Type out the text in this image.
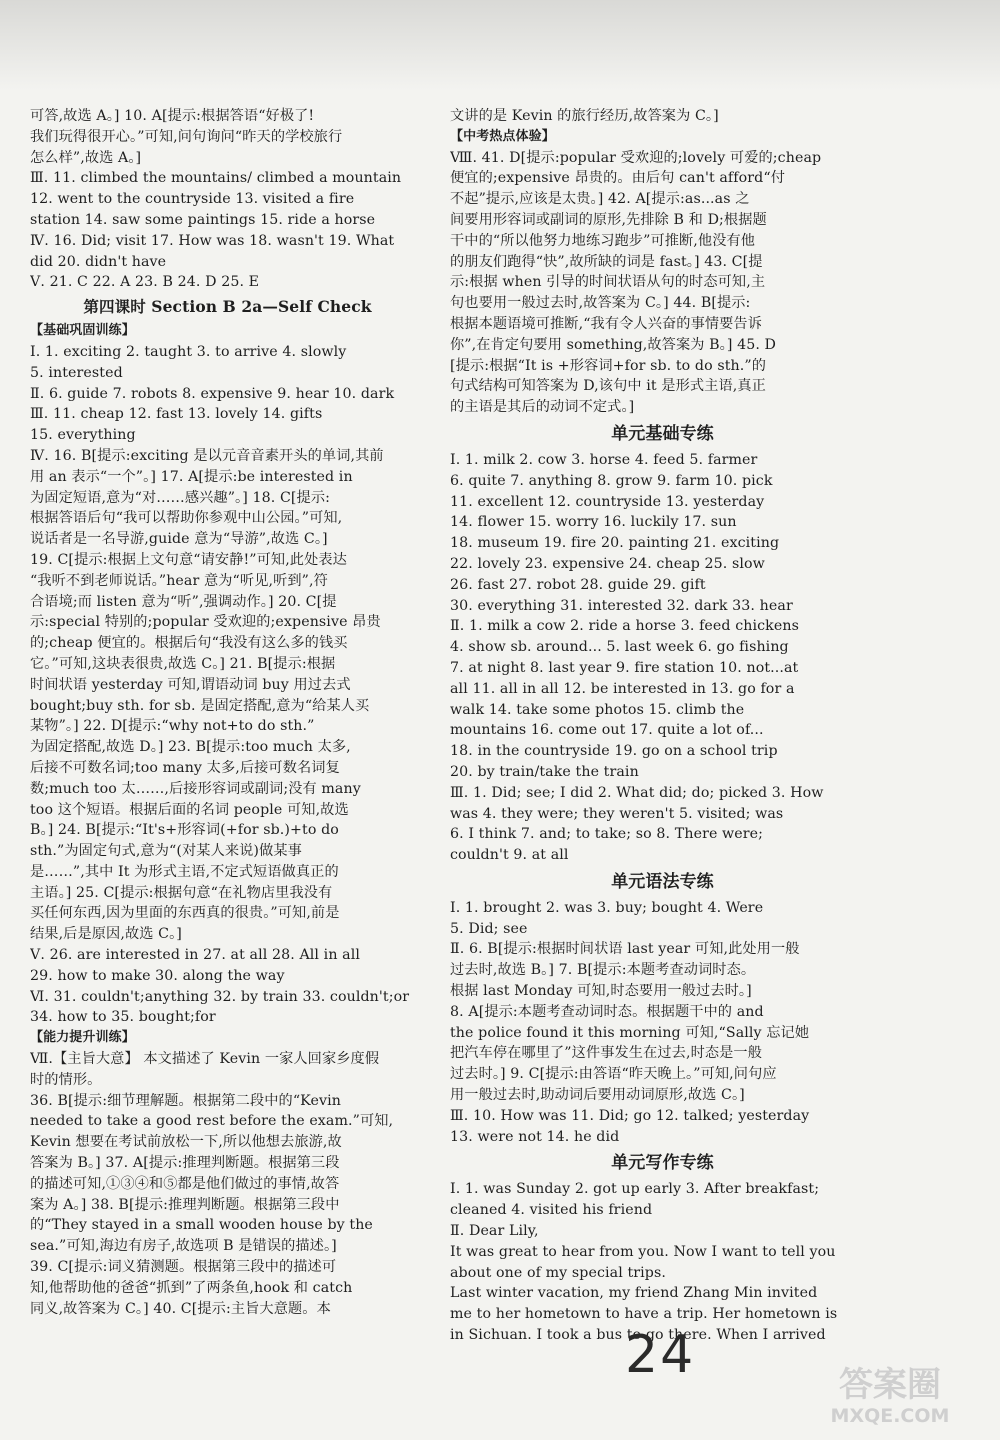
可答,故选 A。] 10. A[提示:根据答语“好极了!
我们玩得很开心。”可知,问句询问“昨天的学校旅行
怎么样”,故选 A。]
Ⅲ. 11. climbed the mountains/ climbed a mountain
12. went to the countryside 13. visited a fire
station 14. saw some paintings 15. ride a horse
Ⅳ. 16. Did; visit 17. How was 18. wasn't 19. What
did 20. didn't have
Ⅴ. 21. C 22. A 23. B 24. D 25. E
第四课时 Section B 2a—Self Check
【基础巩固训练】
Ⅰ. 1. exciting 2. taught 3. to arrive 4. slowly
5. interested
Ⅱ. 6. guide 7. robots 8. expensive 9. hear 10. dark
Ⅲ. 11. cheap 12. fast 13. lovely 14. gifts
15. everything
Ⅳ. 16. B[提示:exciting 是以元音音素开头的单词,其前
用 an 表示“一个”。] 17. A[提示:be interested in
为固定短语,意为“对……感兴趣”。] 18. C[提示:
根据答语后句“我可以帮助你参观中山公园。”可知,
说话者是一名导游,guide 意为“导游”,故选 C。]
19. C[提示:根据上文句意“请安静!”可知,此处表达
“我听不到老师说话。”hear 意为“听见,听到”,符
合语境;而 listen 意为“听”,强调动作。] 20. C[提
示:special 特别的;popular 受欢迎的;expensive 昂贵
的;cheap 便宜的。根据后句“我没有这么多的钱买
它。”可知,这块表很贵,故选 C。] 21. B[提示:根据
时间状语 yesterday 可知,谓语动词 buy 用过去式
bought;buy sth. for sb. 是固定搭配,意为“给某人买
某物”。] 22. D[提示:“why not+to do sth.”
为固定搭配,故选 D。] 23. B[提示:too much 太多,
后接不可数名词;too many 太多,后接可数名词复
数;much too 太……,后接形容词或副词;没有 many
too 这个短语。根据后面的名词 people 可知,故选
B。] 24. B[提示:“It's+形容词(+for sb.)+to do
sth.”为固定句式,意为“(对某人来说)做某事
是……”,其中 It 为形式主语,不定式短语做真正的
主语。] 25. C[提示:根据句意“在礼物店里我没有
买任何东西,因为里面的东西真的很贵。”可知,前是
结果,后是原因,故选 C。]
Ⅴ. 26. are interested in 27. at all 28. All in all
29. how to make 30. along the way
Ⅵ. 31. couldn't;anything 32. by train 33. couldn't;or
34. how to 35. bought;for
【能力提升训练】
Ⅶ.【主旨大意】 本文描述了 Kevin 一家人回家乡度假
时的情形。
36. B[提示:细节理解题。根据第二段中的“Kevin
needed to take a good rest before the exam.”可知,
Kevin 想要在考试前放松一下,所以他想去旅游,故
答案为 B。] 37. A[提示:推理判断题。根据第三段
的描述可知,①③④和⑤都是他们做过的事情,故答
案为 A。] 38. B[提示:推理判断题。根据第三段中
的“They stayed in a small wooden house by the
sea.”可知,海边有房子,故选项 B 是错误的描述。]
39. C[提示:词义猜测题。根据第三段中的描述可
知,他帮助他的爸爸“抓到”了两条鱼,hook 和 catch
同义,故答案为 C。] 40. C[提示:主旨大意题。本
文讲的是 Kevin 的旅行经历,故答案为 C。]
【中考热点体验】
Ⅷ. 41. D[提示:popular 受欢迎的;lovely 可爱的;cheap
便宜的;expensive 昂贵的。由后句 can't afford“付
不起”提示,应该是太贵。] 42. A[提示:as...as 之
间要用形容词或副词的原形,先排除 B 和 D;根据题
干中的“所以他努力地练习跑步”可推断,他没有他
的朋友们跑得“快”,故所缺的词是 fast。] 43. C[提
示:根据 when 引导的时间状语从句的时态可知,主
句也要用一般过去时,故答案为 C。] 44. B[提示:
根据本题语境可推断,“我有令人兴奋的事情要告诉
你”,在肯定句要用 something,故答案为 B。] 45. D
[提示:根据“It is +形容词+for sb. to do sth.”的
句式结构可知答案为 D,该句中 it 是形式主语,真正
的主语是其后的动词不定式。]
单元基础专练
Ⅰ. 1. milk 2. cow 3. horse 4. feed 5. farmer
6. quite 7. anything 8. grow 9. farm 10. pick
11. excellent 12. countryside 13. yesterday
14. flower 15. worry 16. luckily 17. sun
18. museum 19. fire 20. painting 21. exciting
22. lovely 23. expensive 24. cheap 25. slow
26. fast 27. robot 28. guide 29. gift
30. everything 31. interested 32. dark 33. hear
Ⅱ. 1. milk a cow 2. ride a horse 3. feed chickens
4. show sb. around... 5. last week 6. go fishing
7. at night 8. last year 9. fire station 10. not...at
all 11. all in all 12. be interested in 13. go for a
walk 14. take some photos 15. climb the
mountains 16. come out 17. quite a lot of...
18. in the countryside 19. go on a school trip
20. by train/take the train
Ⅲ. 1. Did; see; I did 2. What did; do; picked 3. How
was 4. they were; they weren't 5. visited; was
6. I think 7. and; to take; so 8. There were;
couldn't 9. at all
单元语法专练
Ⅰ. 1. brought 2. was 3. buy; bought 4. Were
5. Did; see
Ⅱ. 6. B[提示:根据时间状语 last year 可知,此处用一般
过去时,故选 B。] 7. B[提示:本题考查动词时态。
根据 last Monday 可知,时态要用一般过去时。]
8. A[提示:本题考查动词时态。根据题干中的 and
the police found it this morning 可知,“Sally 忘记她
把汽车停在哪里了”这件事发生在过去,时态是一般
过去时。] 9. C[提示:由答语“昨天晚上。”可知,问句应
用一般过去时,助动词后要用动词原形,故选 C。]
Ⅲ. 10. How was 11. Did; go 12. talked; yesterday
13. were not 14. he did
单元写作专练
Ⅰ. 1. was Sunday 2. got up early 3. After breakfast;
cleaned 4. visited his friend
Ⅱ. Dear Lily,
It was great to hear from you. Now I want to tell you
about one of my special trips.
Last winter vacation, my friend Zhang Min invited
me to her hometown to have a trip. Her hometown is
in Sichuan. I took a bus to go there. When I arrived
24	答案圈
MXQE.COM
